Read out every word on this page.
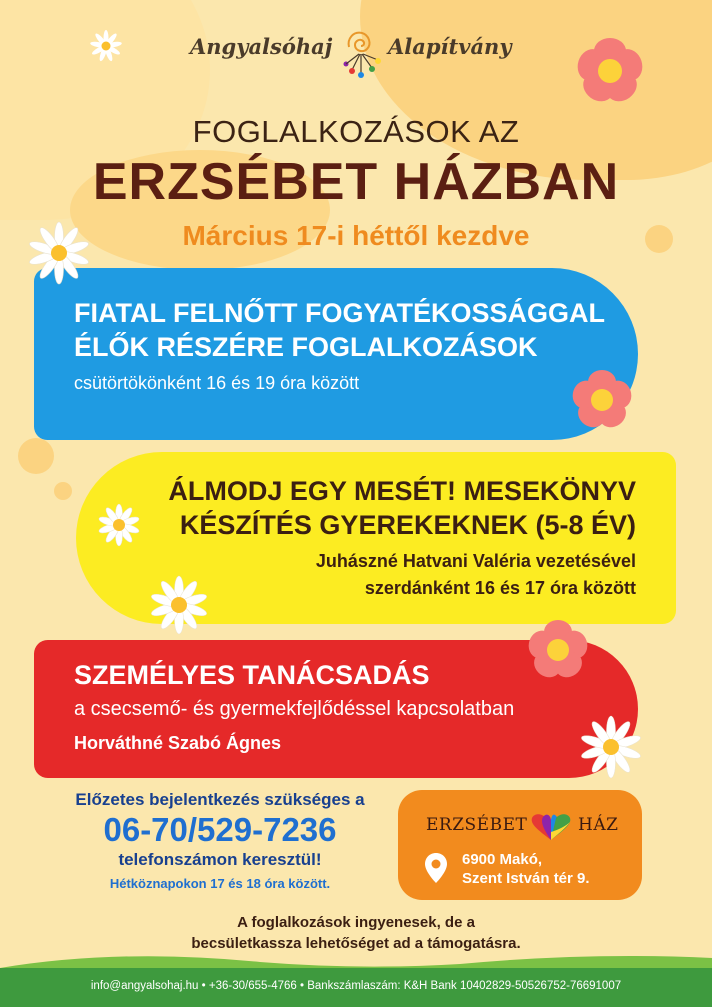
Angyalsóhaj	Alapítvány
FOGLALKOZÁSOK AZ
ERZSÉBET HÁZBAN
Március 17-i héttől kezdve
FIATAL FELNŐTT FOGYATÉKOSSÁGGAL
ÉLŐK RÉSZÉRE FOGLALKOZÁSOK
csütörtökönként 16 és 19 óra között
ÁLMODJ EGY MESÉT! MESEKÖNYV
KÉSZÍTÉS GYEREKEKNEK (5-8 ÉV)
Juhászné Hatvani Valéria vezetésével
szerdánként 16 és 17 óra között
SZEMÉLYES TANÁCSADÁS
a csecsemő- és gyermekfejlődéssel kapcsolatban
Horváthné Szabó Ágnes
Előzetes bejelentkezés szükséges a
06-70/529-7236
telefonszámon keresztül!
Hétköznapokon 17 és 18 óra között.
ERZSÉBET	HÁZ
6900 Makó,
Szent István tér 9.
A foglalkozások ingyenesek, de a
becsületkassza lehetőséget ad a támogatásra.
info@angyalsohaj.hu • +36-30/655-4766 • Bankszámlaszám: K&H Bank 10402829-50526752-76691007
